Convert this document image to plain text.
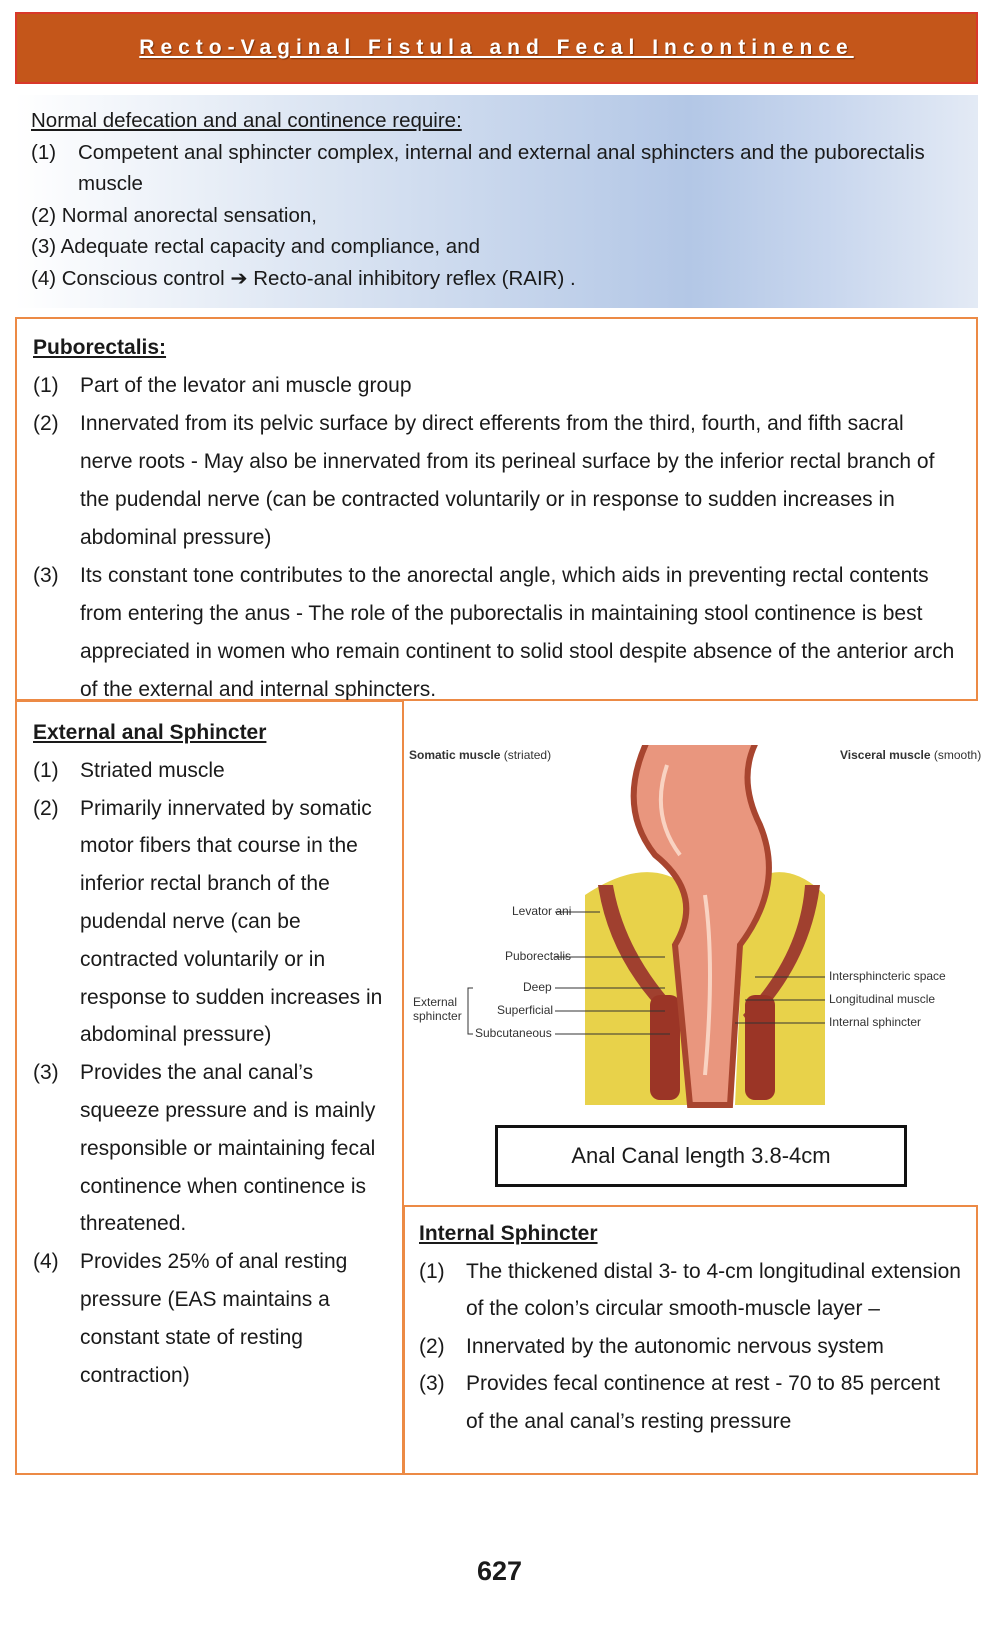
Recto-Vaginal Fistula and Fecal Incontinence
Normal defecation and anal continence require:
(1)	Competent anal sphincter complex, internal and external anal sphincters and the puborectalis muscle
(2) Normal anorectal sensation,
(3) Adequate rectal capacity and compliance, and
(4) Conscious control ➔ Recto-anal inhibitory reflex (RAIR) .
Puborectalis:
(1)	Part of the levator ani muscle group
(2)	Innervated from its pelvic surface by direct efferents from the third, fourth, and fifth sacral nerve roots - May also be innervated from its perineal surface by the inferior rectal branch of the pudendal nerve (can be contracted voluntarily or in response to sudden increases in abdominal pressure)
(3)	Its constant tone contributes to the anorectal angle, which aids in preventing rectal contents from entering the anus - The role of the puborectalis in maintaining stool continence is best appreciated in women who remain continent to solid stool despite absence of the anterior arch of the external and internal sphincters.
External anal Sphincter
(1)	Striated muscle
(2)	Primarily innervated by somatic motor fibers that course in the inferior rectal branch of the pudendal nerve (can be contracted voluntarily or in response to sudden increases in abdominal pressure)
(3)	Provides the anal canal’s squeeze pressure and is mainly responsible or maintaining fecal continence when continence is threatened.
(4)	Provides 25% of anal resting pressure (EAS maintains a constant state of resting contraction)
Somatic muscle (striated)	Visceral muscle (smooth)
Levator ani
Puborectalis
External
sphincter
Deep
Superficial
Subcutaneous
Intersphincteric space
Longitudinal muscle
Internal sphincter
Anal Canal length 3.8-4cm
Internal Sphincter
(1)	The thickened distal 3- to 4-cm longitudinal extension of the colon’s circular smooth-muscle layer –
(2)	Innervated by the autonomic nervous system
(3)	Provides fecal continence at rest - 70 to 85 percent of the anal canal’s resting pressure
627
